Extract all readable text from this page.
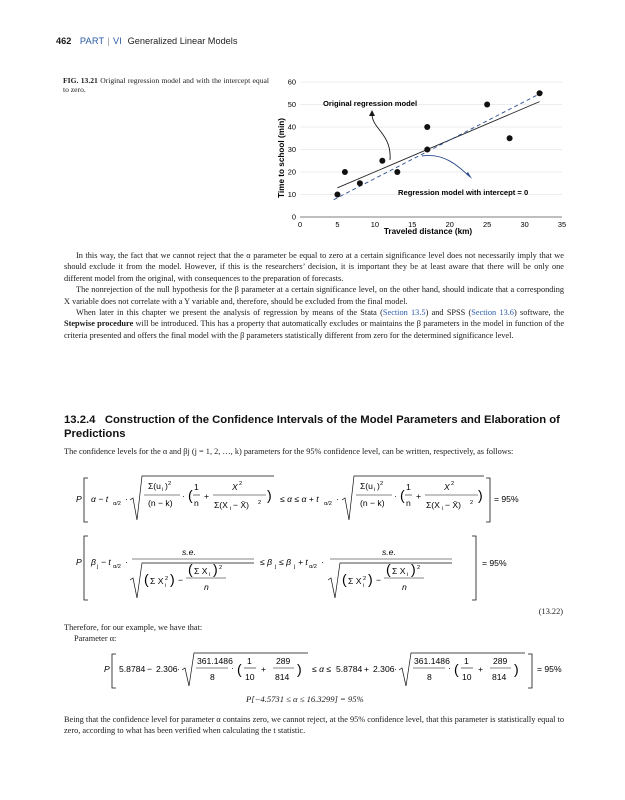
462 PART | VI Generalized Linear Models
FIG. 13.21 Original regression model and with the intercept equal to zero.
0	5	10	15	20	25	30	35
0
10
20
30
40
50
60
Time to school (min)
Traveled distance (km)
Original regression model
Regression model with intercept = 0

In this way, the fact that we cannot reject that the α parameter be equal to zero at a certain significance level does not necessarily imply that we should exclude it from the model. However, if this is the researchers’ decision, it is important they be at least aware that there will be only one different model from the original, with consequences to the preparation of forecasts.

The nonrejection of the null hypothesis for the β parameter at a certain significance level, on the other hand, should indicate that a corresponding X variable does not correlate with a Y variable and, therefore, should be excluded from the final model.

When later in this chapter we present the analysis of regression by means of the Stata (Section 13.5) and SPSS (Section 13.6) software, the Stepwise procedure will be introduced. This has a property that automatically excludes or maintains the β parameters in the model in function of the criteria presented and offers the final model with the β parameters statistically different from zero for the determined significance level.

13.2.4 Construction of the Confidence Intervals of the Model Parameters and Elaboration of Predictions

The confidence levels for the α and βj (j = 1, 2, …, k) parameters for the 95% confidence level, can be written, respectively, as follows:

P α − t α/2 ·
Σ(u i ) 2
(n − k)
· ( 1
n
+
X 2
Σ(X i − X̄) 2 ) ≤ α ≤ α + t α/2 ·
Σ(u i ) 2
(n − k)
· ( 1
n
+
X 2
Σ(X i − X̄) 2 ) = 95%
P β j − t α/2 ·
s.e.
( Σ X 2
i ) −
( Σ X i ) 2
n
≤ β j ≤ β j + t α/2 ·
s.e.
( Σ X 2
i ) −
( Σ X i ) 2
n
= 95%
(13.22)

Therefore, for our example, we have that:

Parameter α:

P 5.8784 − 2.306 ·
361.1486
8
· ( 1
10
+
289
814 ) ≤ α ≤ 5.8784 + 2.306 ·
361.1486
8
· ( 1
10
+
289
814 ) = 95%
P[−4.5731 ≤ α ≤ 16.3299] = 95%

Being that the confidence level for parameter α contains zero, we cannot reject, at the 95% confidence level, that this parameter is statistically equal to zero, according to what has been verified when calculating the t statistic.
